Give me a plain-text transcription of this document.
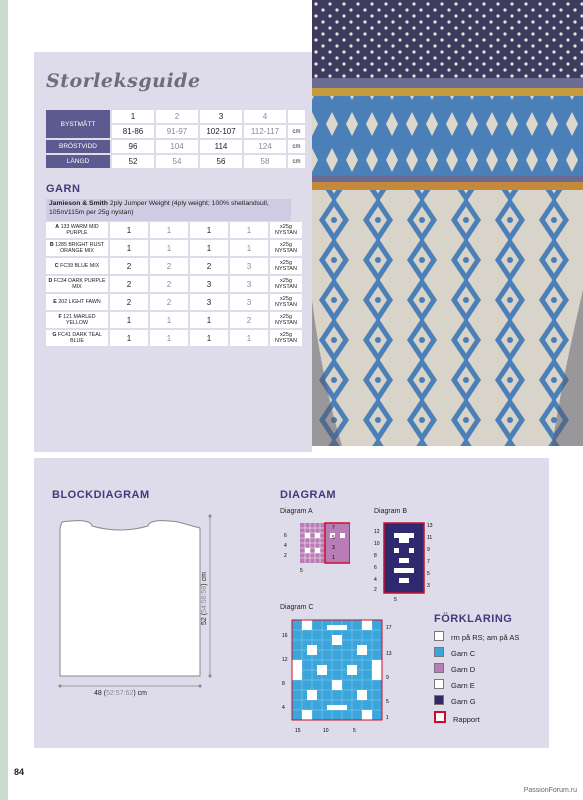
Storleksguide
BYSTMÅTT	1	2	3	4	
	81-86	91-97	102-107	112-117	cm
BRÖSTVIDD	96	104	114	124	cm
LÄNGD	52	54	56	58	cm
GARN
Jamieson & Smith 2ply Jumper Weight (4ply weight; 100% shetlandsull, 105m/115m per 25g nystan)
A 133 WARM MID PURPLE	1	1	1	1	x25g NYSTAN
B 1285 BRIGHT RUST ORANGE MIX	1	1	1	1	x25g NYSTAN
C FC39 BLUE MIX	2	2	2	3	x25g NYSTAN
D FC34 DARK PURPLE MIX	2	2	3	3	x25g NYSTAN
E 202 LIGHT FAWN	2	2	3	3	x25g NYSTAN
F 121 MARLED YELLOW	1	1	1	2	x25g NYSTAN
G FC41 DARK TEAL BLUE	1	1	1	1	x25g NYSTAN
BLOCKDIAGRAM
52 (54:56:58) cm
48 (52:57:62) cm
DIAGRAM
Diagram A	Diagram B
Diagram C
6
4
2
7
5
3
1
5
12
10
8
6
4
2
13
11
9
7
5
3
5
16
12
8
4
17
13
9
5
1
15	10	5
FÖRKLARING
rm på RS; am på AS
Garn C
Garn D
Garn E
Garn G
Rapport
84
PassionForum.ru
